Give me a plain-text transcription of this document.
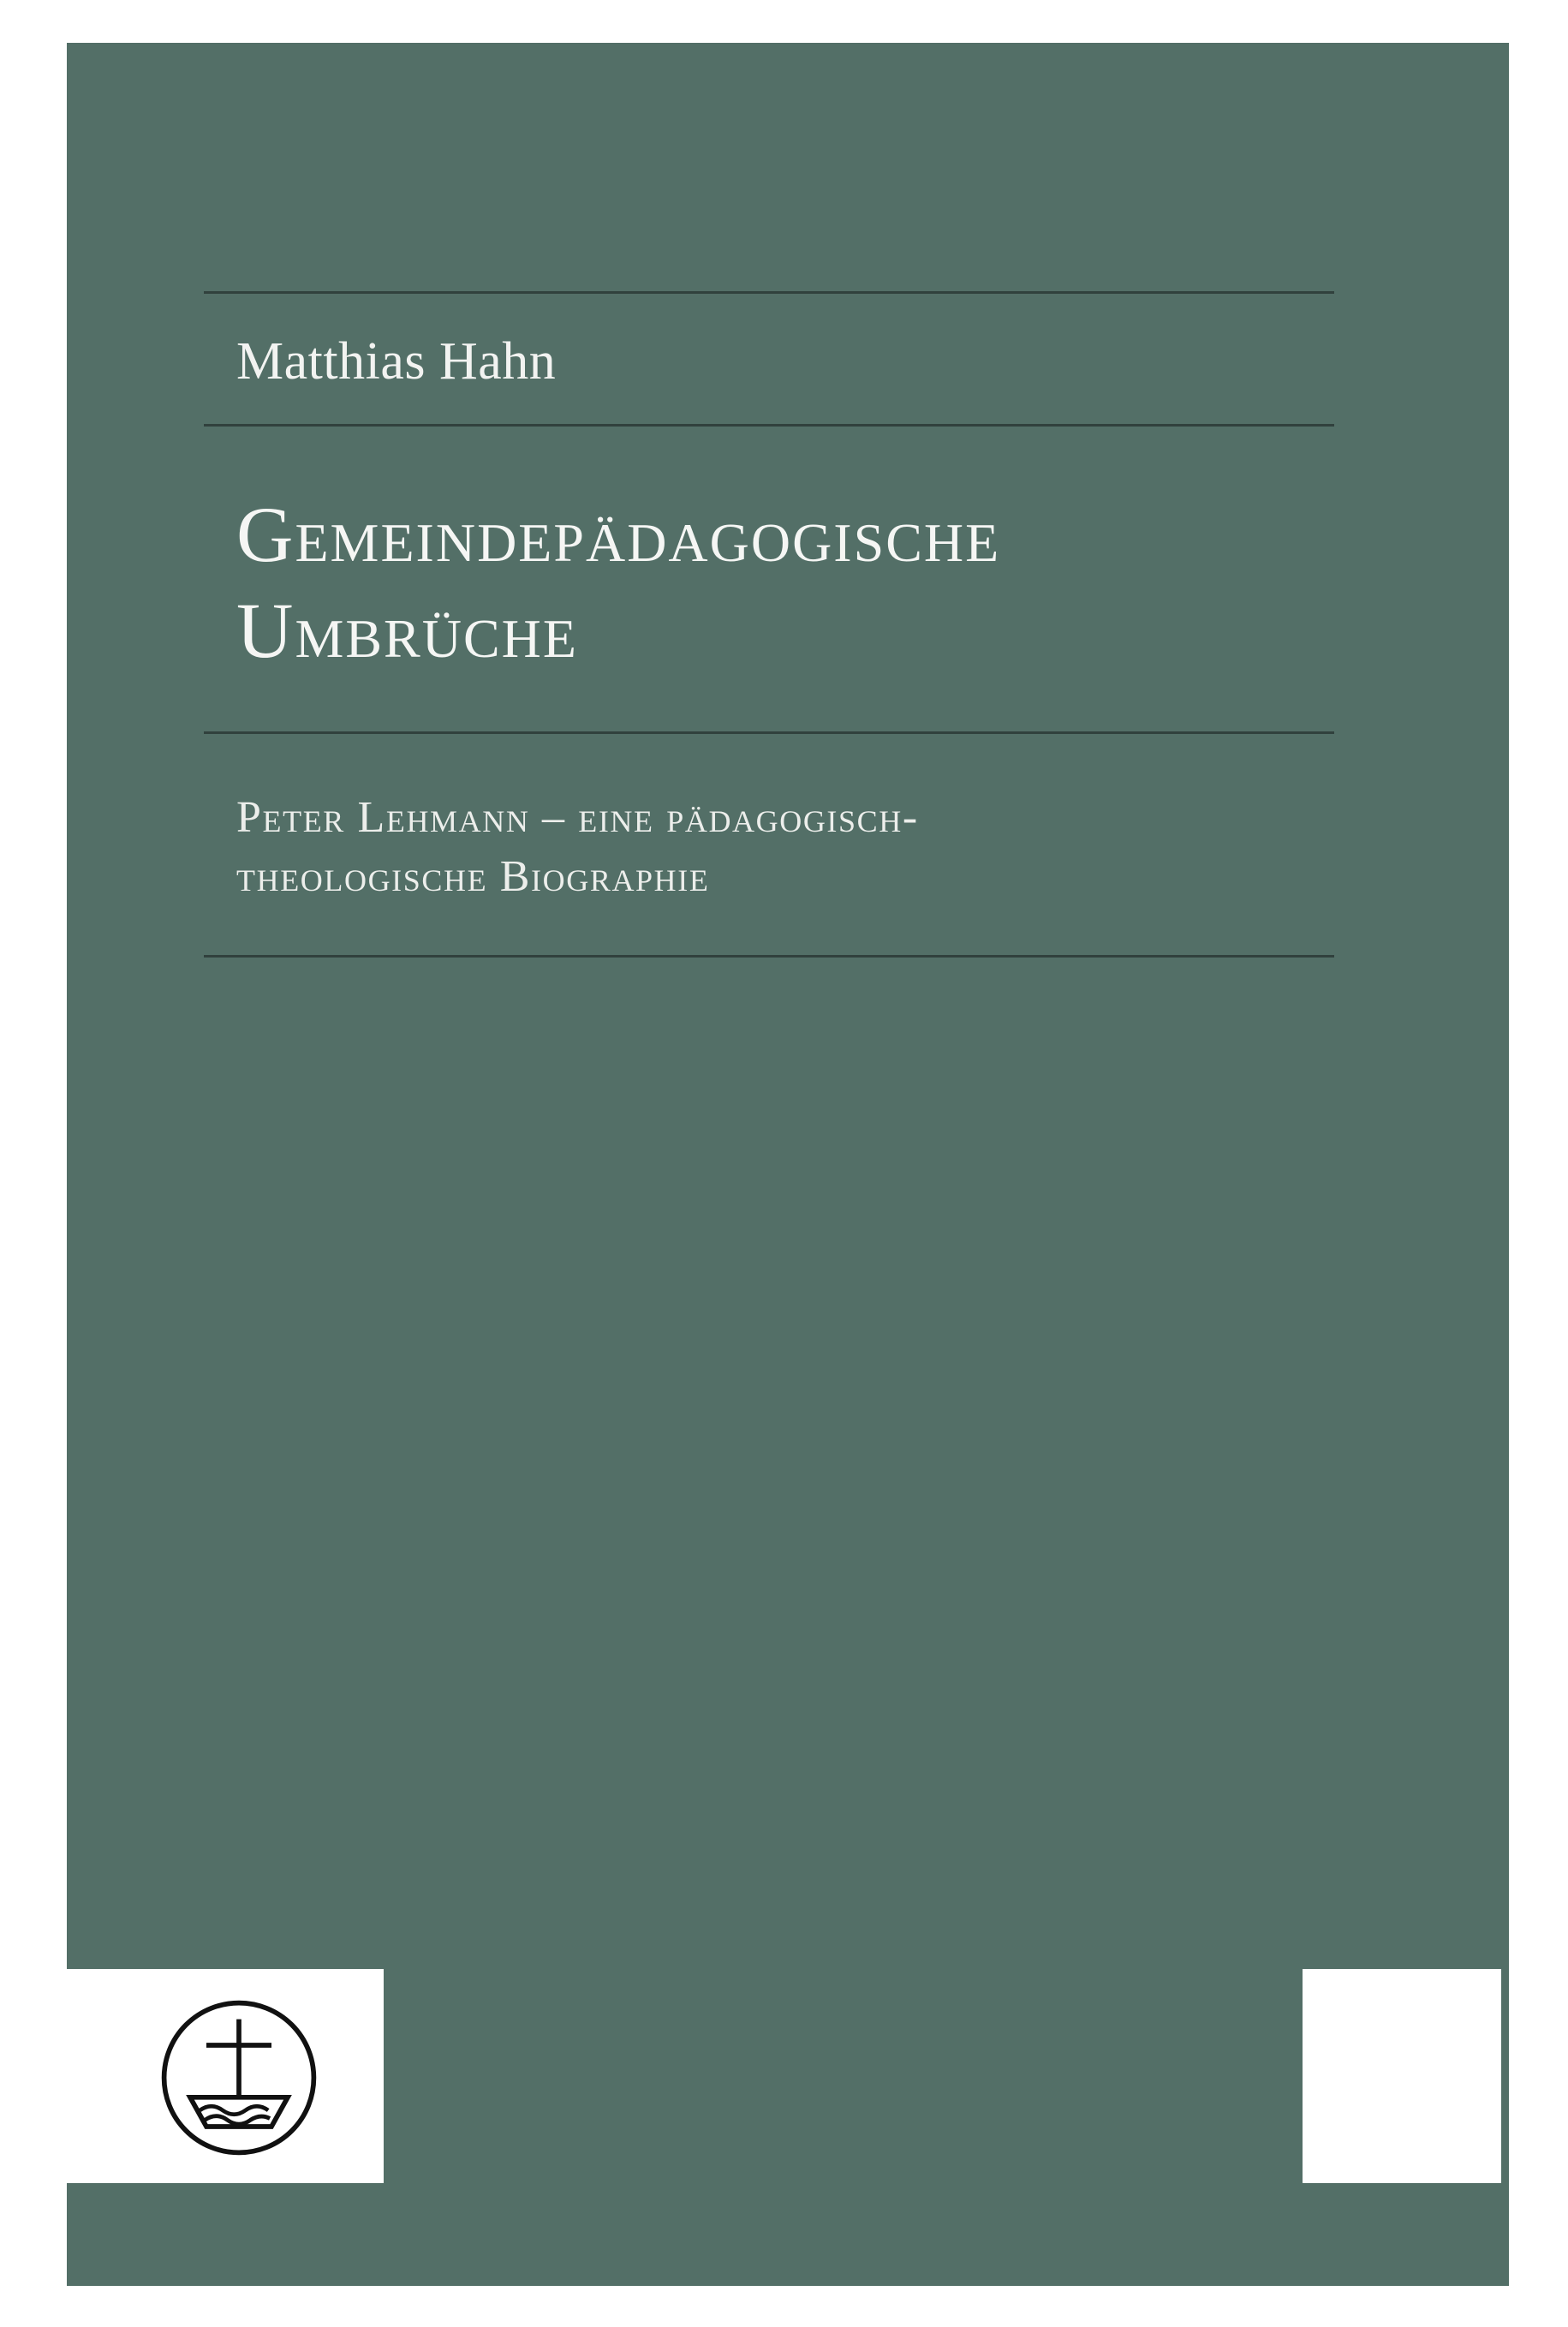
Matthias Hahn
Gemeindepädagogische
Umbrüche
Peter Lehmann – eine pädagogisch-
theologische Biographie
